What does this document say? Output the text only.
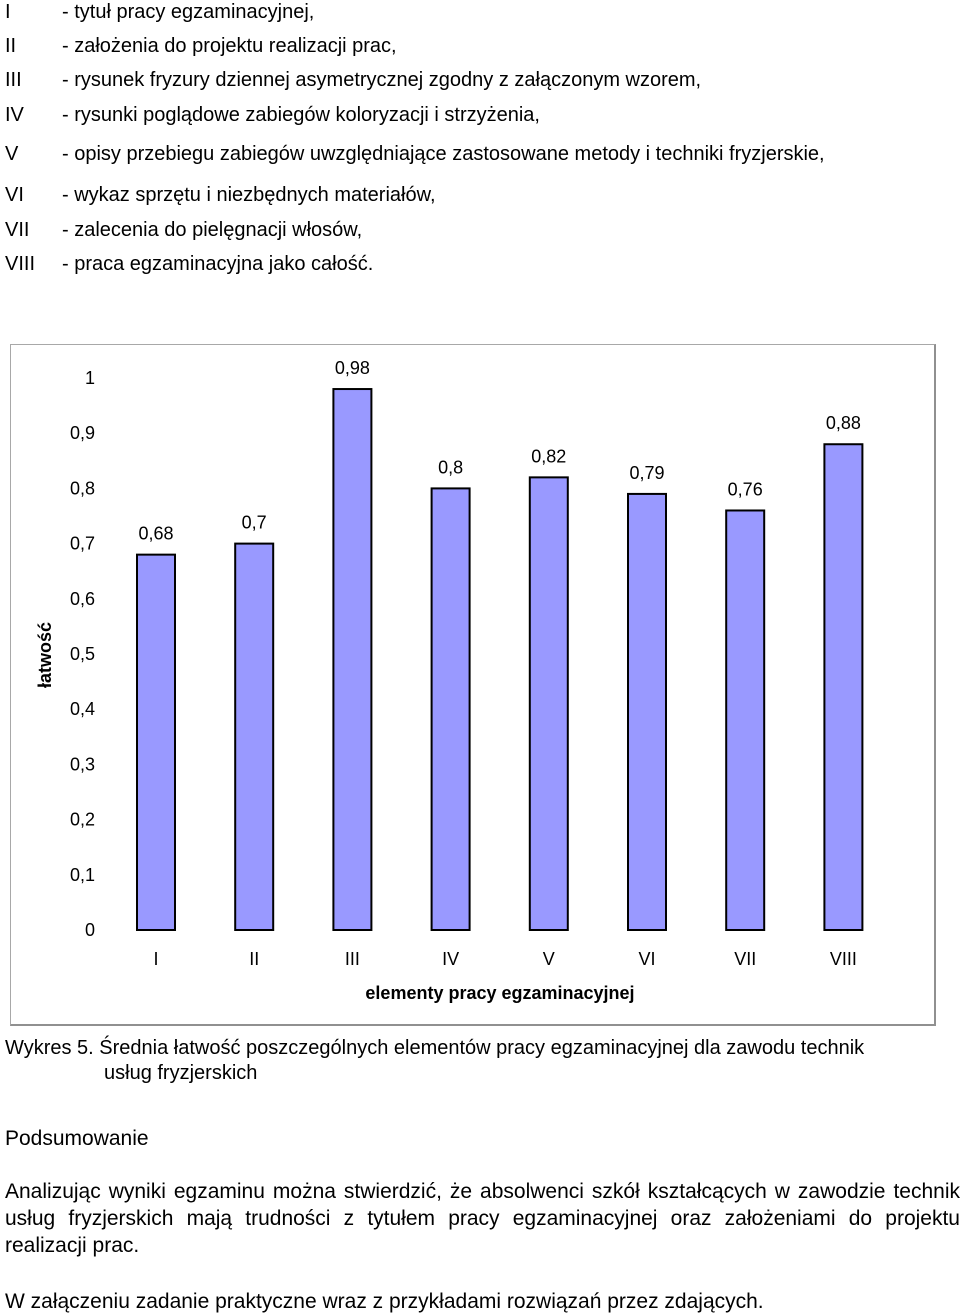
I	- tytuł pracy egzaminacyjnej,
II - założenia do projektu realizacji prac,
III - rysunek fryzury dziennej asymetrycznej zgodny z załączonym wzorem,
IV - rysunki poglądowe zabiegów koloryzacji i strzyżenia,
V - opisy przebiegu zabiegów uwzględniające zastosowane metody i techniki fryzjerskie,
VI - wykaz sprzętu i niezbędnych materiałów,
VII - zalecenia do pielęgnacji włosów,
VIII - praca egzaminacyjna jako całość.
0
0,1
0,2
0,3
0,4
0,5
0,6
0,7
0,8
0,9
1
łatwość
0,68
I
0,7
II
0,98
III
0,8
IV
0,82
V
0,79
VI
0,76
VII
0,88
VIII
elementy pracy egzaminacyjnej
Wykres 5. Średnia łatwość poszczególnych elementów pracy egzaminacyjnej dla zawodu technik
usług fryzjerskich
Podsumowanie
Analizując wyniki egzaminu można stwierdzić, że absolwenci szkół kształcących w zawodzie technik usług fryzjerskich mają trudności z tytułem pracy egzaminacyjnej oraz założeniami do projektu realizacji prac.
W załączeniu zadanie praktyczne wraz z przykładami rozwiązań przez zdających.
